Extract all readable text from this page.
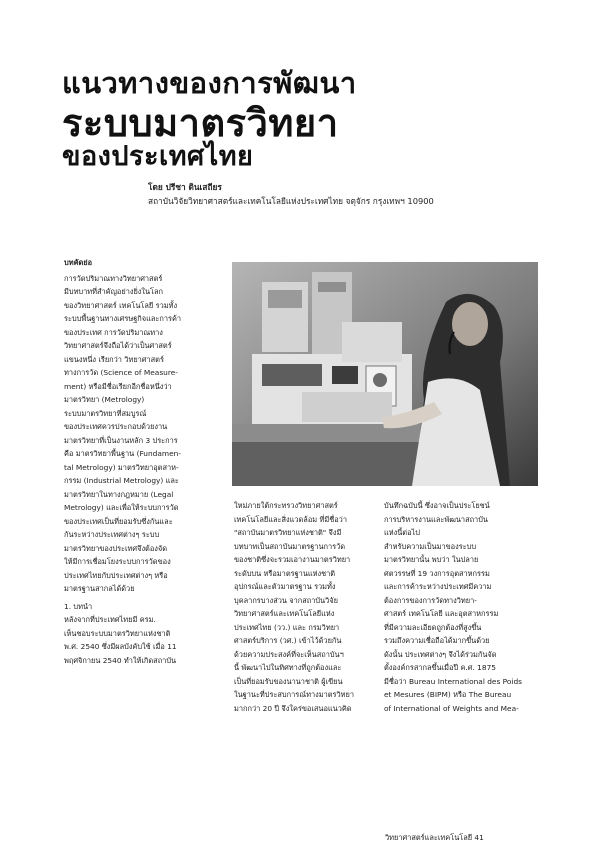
แนวทางของการพัฒนา
ระบบมาตรวิทยา
ของประเทศไทย
โดย ปรีชา ดินเสถียร
สถาบันวิจัยวิทยาศาสตร์และเทคโนโลยีแห่งประเทศไทย จตุจักร กรุงเทพฯ 10900

บทคัดย่อ

การวัดปริมาณทางวิทยาศาสตร์
มีบทบาทที่สำคัญอย่างยิ่งในโลก
ของวิทยาศาสตร์ เทคโนโลยี รวมทั้ง
ระบบพื้นฐานทางเศรษฐกิจและการค้า
ของประเทศ การวัดปริมาณทาง
วิทยาศาสตร์จึงถือได้ว่าเป็นศาสตร์
แขนงหนึ่ง เรียกว่า วิทยาศาสตร์
ทางการวัด (Science of Measure-
ment) หรือมีชื่อเรียกอีกชื่อหนึ่งว่า
มาตรวิทยา (Metrology)

ระบบมาตรวิทยาที่สมบูรณ์
ของประเทศควรประกอบด้วยงาน
มาตรวิทยาที่เป็นงานหลัก 3 ประการ
คือ มาตรวิทยาพื้นฐาน (Fundamen-
tal Metrology) มาตรวิทยาอุตสาห-
กรรม (Industrial Metrology) และ
มาตรวิทยาในทางกฎหมาย (Legal
Metrology) และเพื่อให้ระบบการวัด
ของประเทศเป็นที่ยอมรับซึ่งกันและ
กันระหว่างประเทศต่างๆ ระบบ
มาตรวิทยาของประเทศจึงต้องจัด
ให้มีการเชื่อมโยงระบบการวัดของ
ประเทศไทยกับประเทศต่างๆ หรือ
มาตรฐานสากลได้ด้วย

1. บทนำ

หลังจากที่ประเทศไทยมี ครม.
เห็นชอบระบบมาตรวิทยาแห่งชาติ
พ.ศ. 2540 ซึ่งมีผลบังคับใช้ เมื่อ 11
พฤศจิกายน 2540 ทำให้เกิดสถาบัน

ใหม่ภายใต้กระทรวงวิทยาศาสตร์
เทคโนโลยีและสิ่งแวดล้อม ที่มีชื่อว่า
"สถาบันมาตรวิทยาแห่งชาติ" จึงมี
บทบาทเป็นสถาบันมาตรฐานการวัด
ของชาติซึ่งจะรวมเอางานมาตรวิทยา
ระดับบน หรือมาตรฐานแห่งชาติ
อุปกรณ์และตัวมาตรฐาน รวมทั้ง
บุคลากรบางส่วน จากสถาบันวิจัย
วิทยาศาสตร์และเทคโนโลยีแห่ง
ประเทศไทย (วว.) และ กรมวิทยา
ศาสตร์บริการ (วศ.) เข้าไว้ด้วยกัน
ด้วยความประสงค์ที่จะเห็นสถาบันฯ
นี้ พัฒนาไปในทิศทางที่ถูกต้องและ
เป็นที่ยอมรับของนานาชาติ ผู้เขียน
ในฐานะที่ประสบการณ์ทางมาตรวิทยา
มากกว่า 20 ปี จึงใคร่ขอเสนอแนวคิด

บันทึกฉบับนี้ ซึ่งอาจเป็นประโยชน์
การบริหารงานและพัฒนาสถาบัน
แห่งนี้ต่อไป
สำหรับความเป็นมาของระบบ
มาตรวิทยานั้น พบว่า ในปลาย
ศตวรรษที่ 19 วงการอุตสาหกรรม
และการค้าระหว่างประเทศมีความ
ต้องการของการวัดทางวิทยา-
ศาสตร์ เทคโนโลยี และอุตสาหกรรม
ที่มีความละเอียดถูกต้องที่สูงขึ้น
รวมถึงความเชื่อถือได้มากขึ้นด้วย
ดังนั้น ประเทศต่างๆ จึงได้ร่วมกันจัด
ตั้งองค์กรสากลขึ้นเมื่อปี ค.ศ. 1875
มีชื่อว่า Bureau International des Poids
et Mesures (BIPM) หรือ The Bureau
of International of Weights and Mea-

วิทยาศาสตร์และเทคโนโลยี 41
